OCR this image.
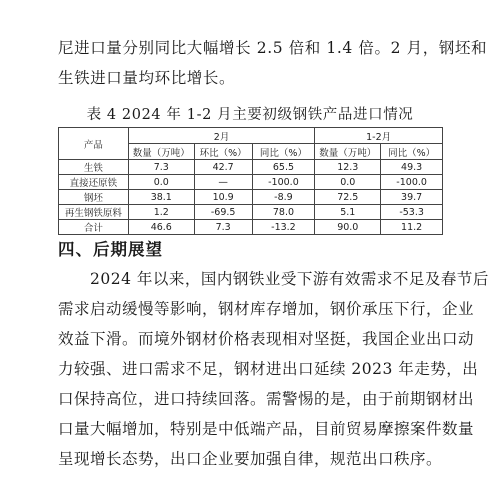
尼进口量分别同比大幅增长 2.5 倍和 1.4 倍。2 月，钢坯和
生铁进口量均环比增长。
表 4 2024 年 1-2 月主要初级钢铁产品进口情况
产品	2月			1-2月	
	数量（万吨）	环比（%）	同比（%）	数量（万吨）	同比（%）
生铁	7.3	42.7	65.5	12.3	49.3
直接还原铁	0.0	—	-100.0	0.0	-100.0
钢坯	38.1	10.9	-8.9	72.5	39.7
再生钢铁原料	1.2	-69.5	78.0	5.1	-53.3
合计	46.6	7.3	-13.2	90.0	11.2
四、后期展望
2024 年以来，国内钢铁业受下游有效需求不足及春节后
需求启动缓慢等影响，钢材库存增加，钢价承压下行，企业
效益下滑。而境外钢材价格表现相对坚挺，我国企业出口动
力较强、进口需求不足，钢材进出口延续 2023 年走势，出
口保持高位，进口持续回落。需警惕的是，由于前期钢材出
口量大幅增加，特别是中低端产品，目前贸易摩擦案件数量
呈现增长态势，出口企业要加强自律，规范出口秩序。
